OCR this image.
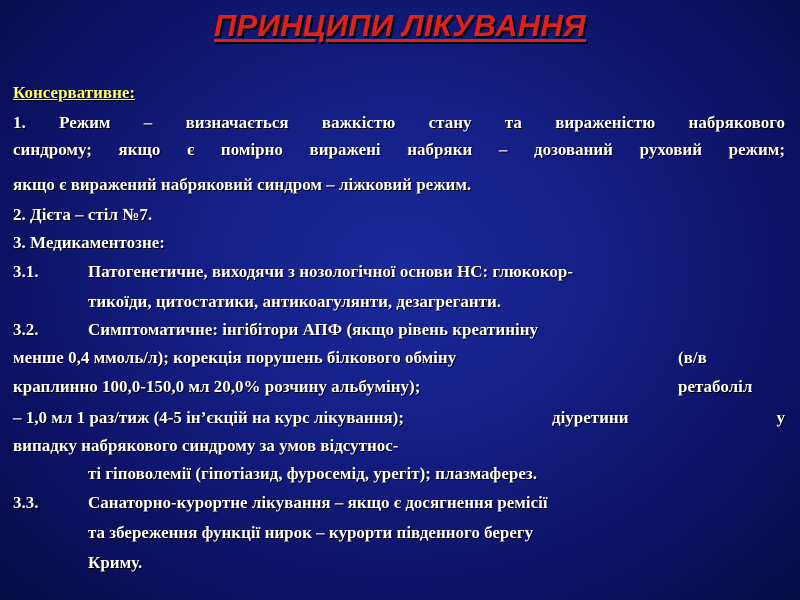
ПРИНЦИПИ ЛІКУВАННЯ
Консервативне:
1. Режим – визначається важкістю стану та вираженістю набрякового
синдрому; якщо є помірно виражені набряки – дозований руховий режим;
якщо є виражений набряковий синдром – ліжковий режим.
2. Дієта – стіл №7.
3. Медикаментозне:
3.1.	Патогенетичне, виходячи з нозологічної основи НС: глюкокор-
тикоїди, цитостатики, антикоагулянти, дезагреганти.
3.2.	Симптоматичне: інгібітори АПФ (якщо рівень креатиніну
менше 0,4 ммоль/л); корекція порушень білкового обміну	(в/в
краплинно 100,0-150,0 мл 20,0% розчину альбуміну);	ретаболіл
– 1,0 мл 1 раз/тиж (4-5 ін’єкцій на курс лікування);	діуретини	у
випадку набрякового синдрому за умов відсутнос-
ті гіповолемії (гіпотіазид, фуросемід, урегіт); плазмаферез.
3.3.	Санаторно-курортне лікування – якщо є досягнення ремісії
та збереження функції нирок – курорти південного берегу
Криму.
